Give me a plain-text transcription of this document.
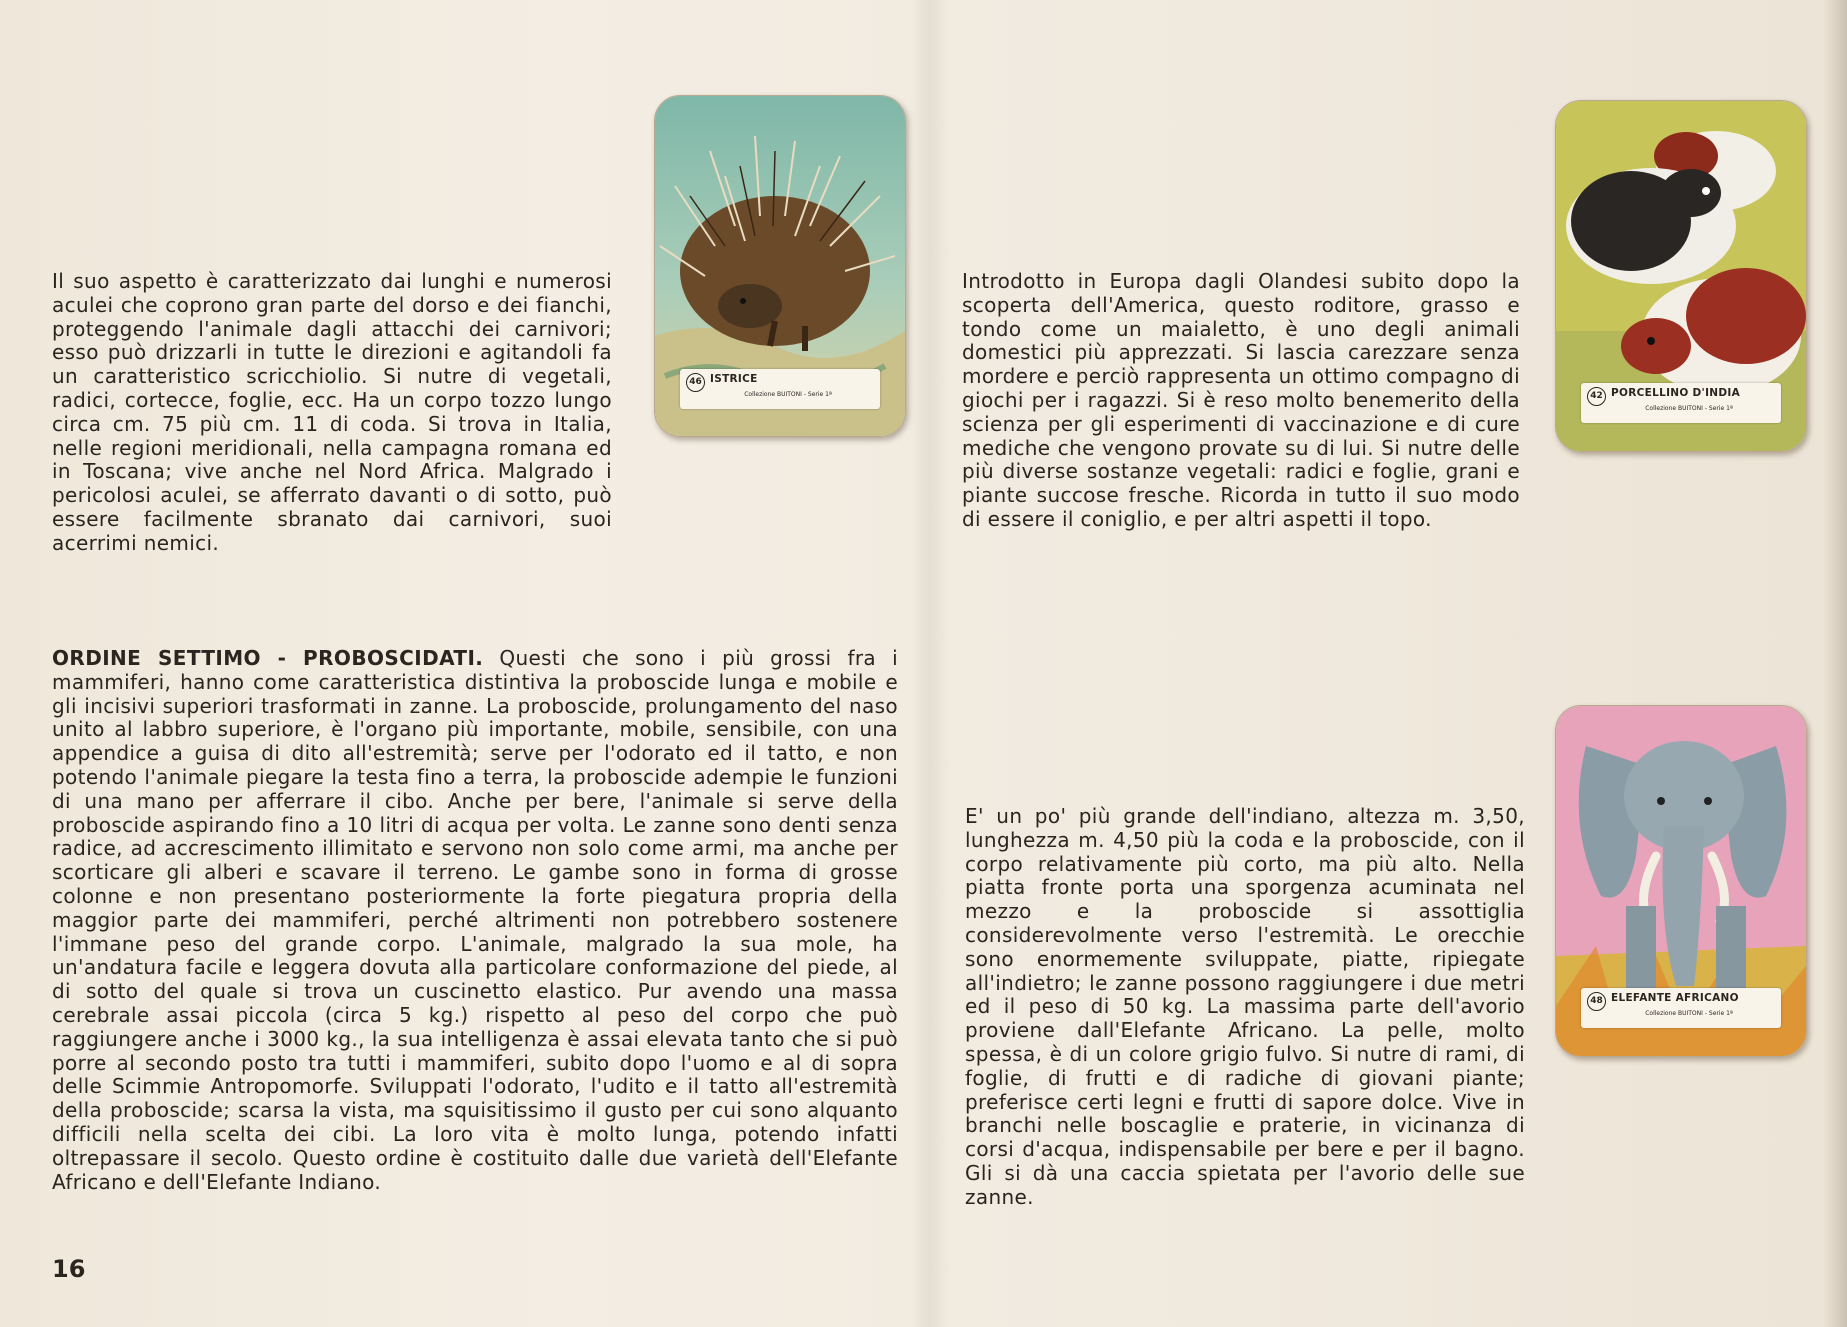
46 ISTRICE
Collezione BUITONI - Serie 1ª	42 PORCELLINO D'INDIA
Collezione BUITONI - Serie 1ª
48 ELEFANTE AFRICANO
Collezione BUITONI - Serie 1ª

Il suo aspetto è caratterizzato dai lunghi e numerosi aculei che coprono gran parte del dorso e dei fianchi, proteggendo l'animale dagli attacchi dei carnivori; esso può drizzarli in tutte le direzioni e agitandoli fa un caratteristico scricchiolio. Si nutre di vegetali, radici, cortecce, foglie, ecc. Ha un corpo tozzo lungo circa cm. 75 più cm. 11 di coda. Si trova in Italia, nelle regioni meridionali, nella campagna romana ed in Toscana; vive anche nel Nord Africa. Malgrado i pericolosi aculei, se afferrato davanti o di sotto, può essere facilmente sbranato dai carnivori, suoi acerrimi nemici.

Introdotto in Europa dagli Olandesi subito dopo la scoperta dell'America, questo roditore, grasso e tondo come un maialetto, è uno degli animali domestici più apprezzati. Si lascia carezzare senza mordere e perciò rappresenta un ottimo compagno di giochi per i ragazzi. Si è reso molto benemerito della scienza per gli esperimenti di vaccinazione e di cure mediche che vengono provate su di lui. Si nutre delle più diverse sostanze vegetali: radici e foglie, grani e piante succose fresche. Ricorda in tutto il suo modo di essere il coniglio, e per altri aspetti il topo.

ORDINE SETTIMO - PROBOSCIDATI. Questi che sono i più grossi fra i mammiferi, hanno come caratteristica distintiva la proboscide lunga e mobile e gli incisivi superiori trasformati in zanne. La proboscide, prolungamento del naso unito al labbro superiore, è l'organo più importante, mobile, sensibile, con una appendice a guisa di dito all'estremità; serve per l'odorato ed il tatto, e non potendo l'animale piegare la testa fino a terra, la proboscide adempie le funzioni di una mano per afferrare il cibo. Anche per bere, l'animale si serve della proboscide aspirando fino a 10 litri di acqua per volta. Le zanne sono denti senza radice, ad accrescimento illimitato e servono non solo come armi, ma anche per scorticare gli alberi e scavare il terreno. Le gambe sono in forma di grosse colonne e non presentano posteriormente la forte piegatura propria della maggior parte dei mammiferi, perché altrimenti non potrebbero sostenere l'immane peso del grande corpo. L'animale, malgrado la sua mole, ha un'andatura facile e leggera dovuta alla particolare conformazione del piede, al di sotto del quale si trova un cuscinetto elastico. Pur avendo una massa cerebrale assai piccola (circa 5 kg.) rispetto al peso del corpo che può raggiungere anche i 3000 kg., la sua intelligenza è assai elevata tanto che si può porre al secondo posto tra tutti i mammiferi, subito dopo l'uomo e al di sopra delle Scimmie Antropomorfe. Sviluppati l'odorato, l'udito e il tatto all'estremità della proboscide; scarsa la vista, ma squisitissimo il gusto per cui sono alquanto difficili nella scelta dei cibi. La loro vita è molto lunga, potendo infatti oltrepassare il secolo. Questo ordine è costituito dalle due varietà dell'Elefante Africano e dell'Elefante Indiano.

E' un po' più grande dell'indiano, altezza m. 3,50, lunghezza m. 4,50 più la coda e la proboscide, con il corpo relativamente più corto, ma più alto. Nella piatta fronte porta una sporgenza acuminata nel mezzo e la proboscide si assottiglia considerevolmente verso l'estremità. Le orecchie sono enormemente sviluppate, piatte, ripiegate all'indietro; le zanne possono raggiungere i due metri ed il peso di 50 kg. La massima parte dell'avorio proviene dall'Elefante Africano. La pelle, molto spessa, è di un colore grigio fulvo. Si nutre di rami, di foglie, di frutti e di radiche di giovani piante; preferisce certi legni e frutti di sapore dolce. Vive in branchi nelle boscaglie e praterie, in vicinanza di corsi d'acqua, indispensabile per bere e per il bagno. Gli si dà una caccia spietata per l'avorio delle sue zanne.

16
